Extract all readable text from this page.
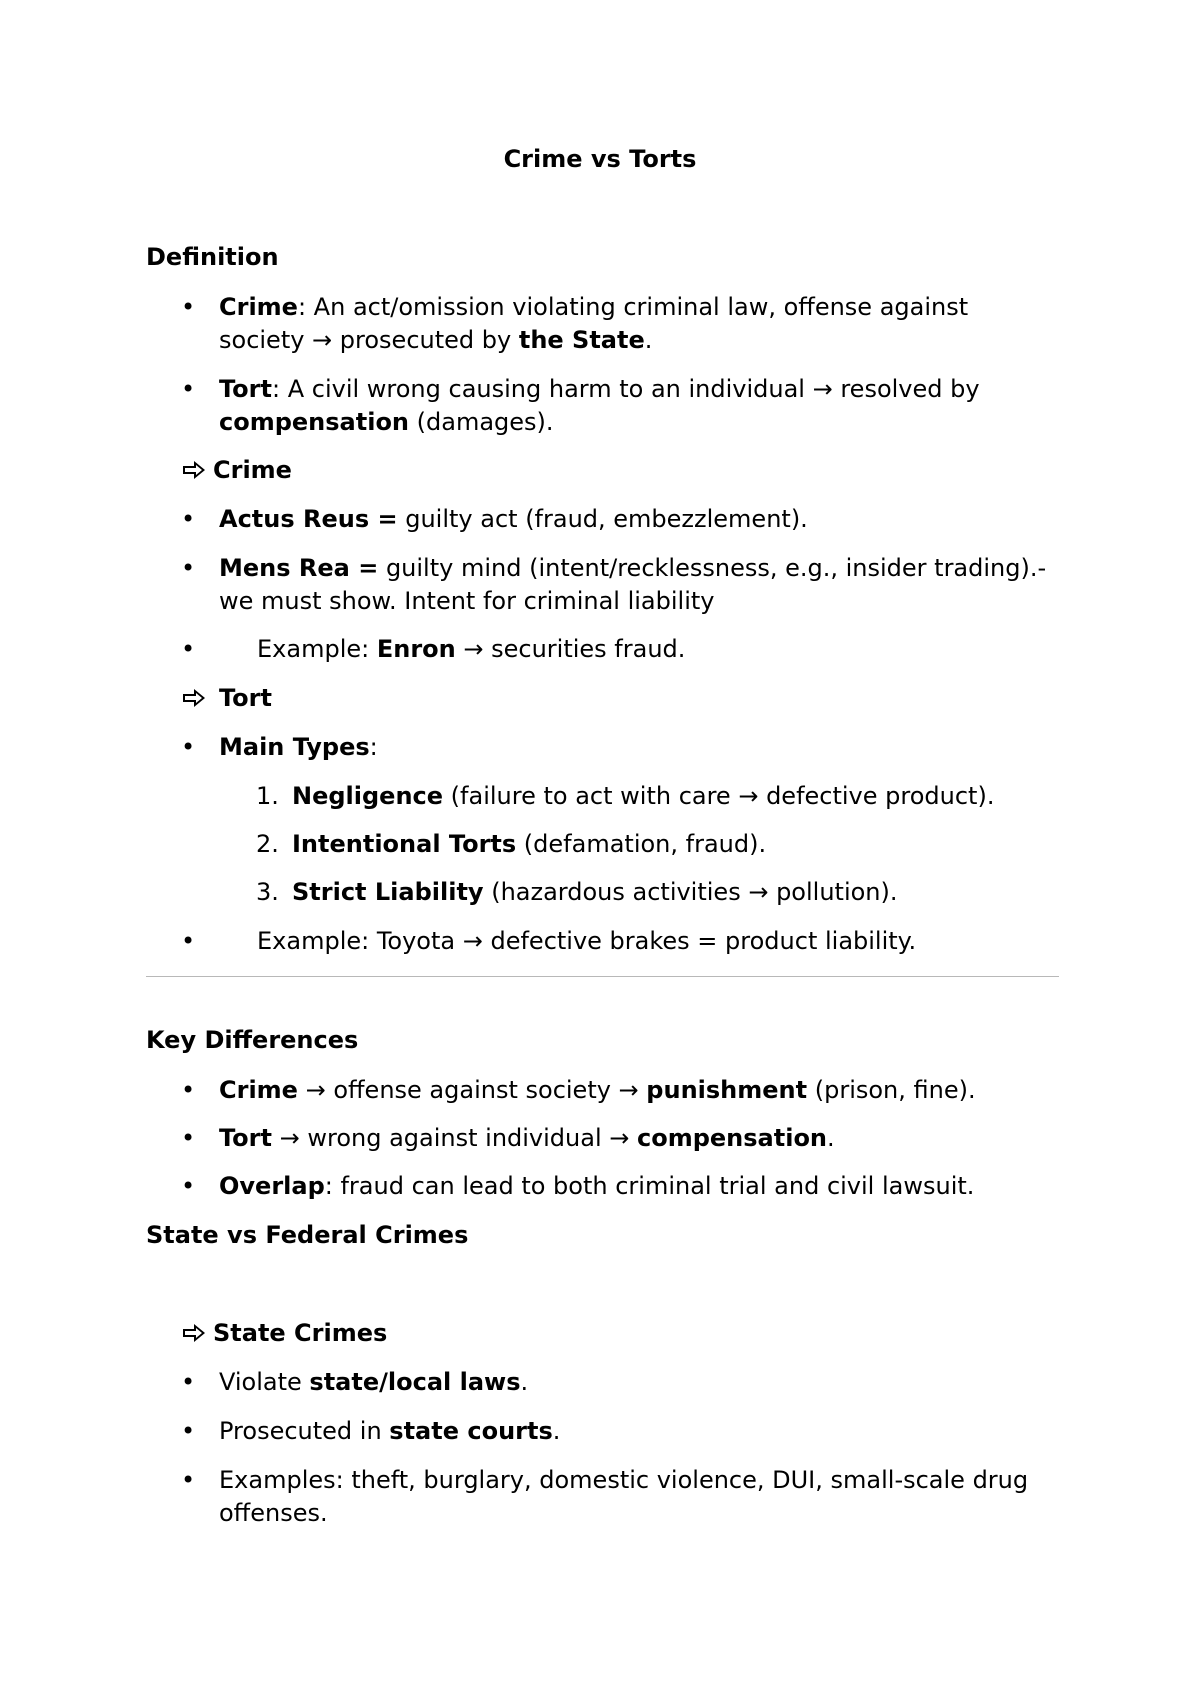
Crime vs Torts
Definition
• Crime: An act/omission violating criminal law, offense against
society → prosecuted by the State.
• Tort: A civil wrong causing harm to an individual → resolved by
compensation (damages).
Crime
• Actus Reus = guilty act (fraud, embezzlement).
• Mens Rea = guilty mind (intent/recklessness, e.g., insider trading).-
we must show. Intent for criminal liability
•	Example: Enron → securities fraud.
Tort
• Main Types:
1. Negligence (failure to act with care → defective product).
2. Intentional Torts (defamation, fraud).
3. Strict Liability (hazardous activities → pollution).
•	Example: Toyota → defective brakes = product liability.
Key Differences
• Crime → offense against society → punishment (prison, fine).
• Tort → wrong against individual → compensation.
• Overlap: fraud can lead to both criminal trial and civil lawsuit.
State vs Federal Crimes
State Crimes
• Violate state/local laws.
• Prosecuted in state courts.
• Examples: theft, burglary, domestic violence, DUI, small-scale drug
offenses.
